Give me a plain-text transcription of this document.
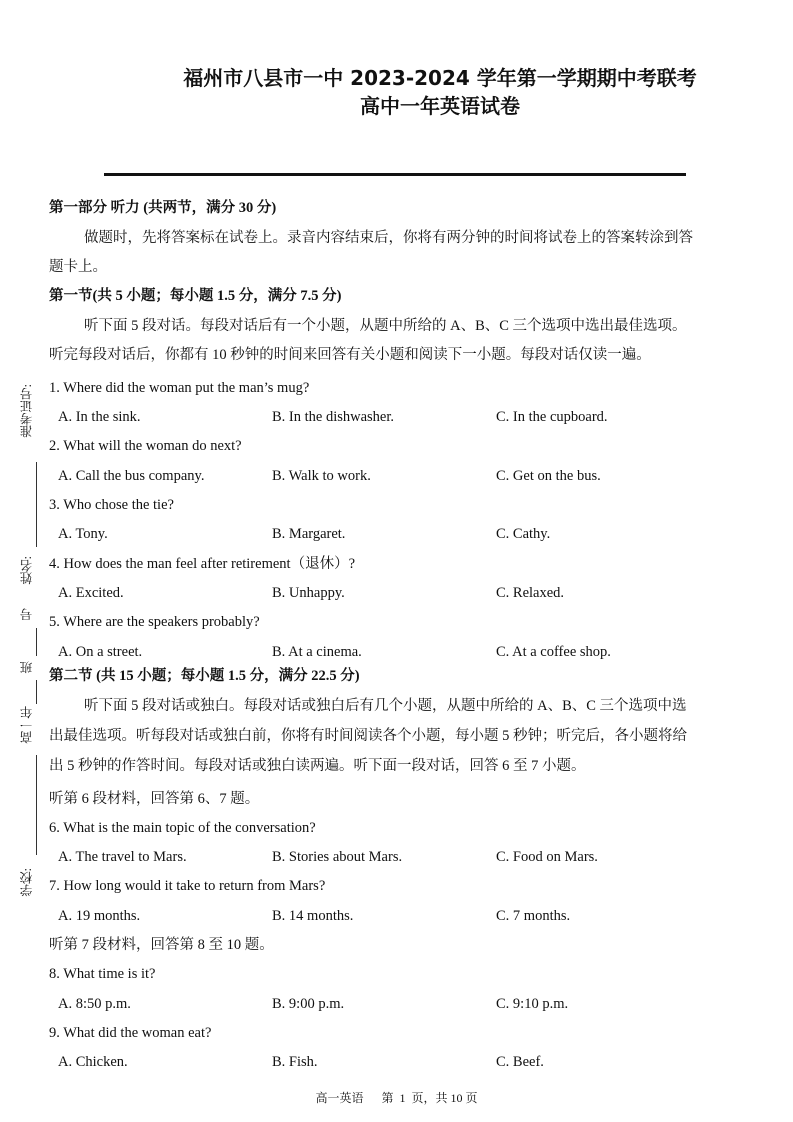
福州市八县市一中 2023-2024 学年第一学期期中考联考
高中一年英语试卷
准考证号:
姓名:
号
班
高一年
学校:
第一部分 听力 (共两节，满分 30 分)
做题时，先将答案标在试卷上。录音内容结束后，你将有两分钟的时间将试卷上的答案转涂到答
题卡上。
第一节(共 5 小题；每小题 1.5 分，满分 7.5 分)
听下面 5 段对话。每段对话后有一个小题，从题中所给的 A、B、C 三个选项中选出最佳选项。
听完每段对话后，你都有 10 秒钟的时间来回答有关小题和阅读下一小题。每段对话仅读一遍。
1. Where did the woman put the man’s mug?
A. In the sink.	B. In the dishwasher.	C. In the cupboard.
2. What will the woman do next?
A. Call the bus company.	B. Walk to work.	C. Get on the bus.
3. Who chose the tie?
A. Tony.	B. Margaret.	C. Cathy.
4. How does the man feel after retirement（退休）?
A. Excited.	B. Unhappy.	C. Relaxed.
5. Where are the speakers probably?
A. On a street.	B. At a cinema.	C. At a coffee shop.
第二节 (共 15 小题；每小题 1.5 分，满分 22.5 分)
听下面 5 段对话或独白。每段对话或独白后有几个小题，从题中所给的 A、B、C 三个选项中选
出最佳选项。听每段对话或独白前，你将有时间阅读各个小题，每小题 5 秒钟；听完后，各小题将给
出 5 秒钟的作答时间。每段对话或独白读两遍。听下面一段对话，回答 6 至 7 小题。
听第 6 段材料，回答第 6、7 题。
6. What is the main topic of the conversation?
A. The travel to Mars.	B. Stories about Mars.	C. Food on Mars.
7. How long would it take to return from Mars?
A. 19 months.	B. 14 months.	C. 7 months.
听第 7 段材料，回答第 8 至 10 题。
8. What time is it?
A. 8:50 p.m.	B. 9:00 p.m.	C. 9:10 p.m.
9. What did the woman eat?
A. Chicken.	B. Fish.	C. Beef.
高一英语      第  1  页，共 10 页
